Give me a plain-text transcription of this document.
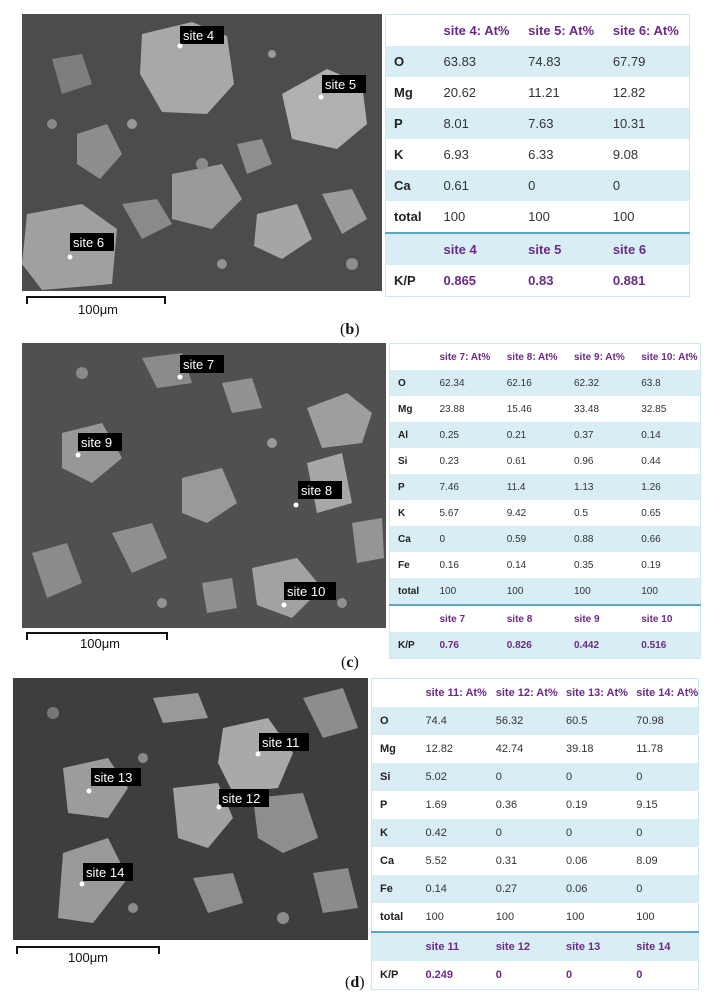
site 4
site 5
site 6
100μm
	site 4: At%	site 5: At%	site 6: At%
O	63.83	74.83	67.79
Mg	20.62	11.21	12.82
P	8.01	7.63	10.31
K	6.93	6.33	9.08
Ca	0.61	0	0
total	100	100	100
	site 4	site 5	site 6
K/P	0.865	0.83	0.881
(b)
site 7
site 8
site 9
site 10
100μm
	site 7: At%	site 8: At%	site 9: At%	site 10: At%
O	62.34	62.16	62.32	63.8
Mg	23.88	15.46	33.48	32.85
Al	0.25	0.21	0.37	0.14
Si	0.23	0.61	0.96	0.44
P	7.46	11.4	1.13	1.26
K	5.67	9.42	0.5	0.65
Ca	0	0.59	0.88	0.66
Fe	0.16	0.14	0.35	0.19
total	100	100	100	100
	site 7	site 8	site 9	site 10
K/P	0.76	0.826	0.442	0.516
(c)
site 11
site 12
site 13
site 14
100μm
	site 11: At%	site 12: At%	site 13: At%	site 14: At%
O	74.4	56.32	60.5	70.98
Mg	12.82	42.74	39.18	11.78
Si	5.02	0	0	0
P	1.69	0.36	0.19	9.15
K	0.42	0	0	0
Ca	5.52	0.31	0.06	8.09
Fe	0.14	0.27	0.06	0
total	100	100	100	100
	site 11	site 12	site 13	site 14
K/P	0.249	0	0	0
(d)
